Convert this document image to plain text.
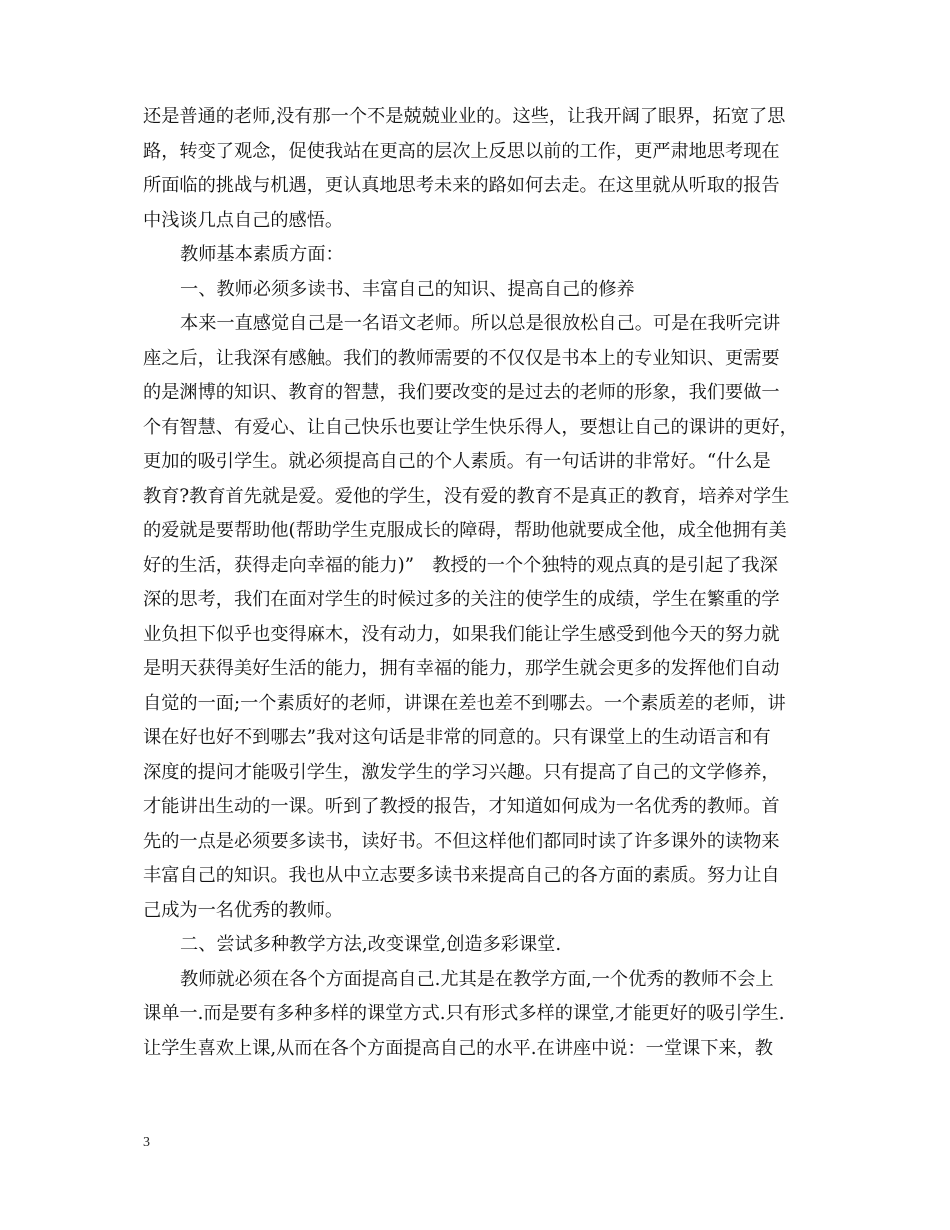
还是普通的老师,没有那一个不是兢兢业业的。这些，让我开阔了眼界，拓宽了思
路，转变了观念，促使我站在更高的层次上反思以前的工作，更严肃地思考现在
所面临的挑战与机遇，更认真地思考未来的路如何去走。在这里就从听取的报告
中浅谈几点自己的感悟。
教师基本素质方面：
一、教师必须多读书、丰富自己的知识、提高自己的修养
本来一直感觉自己是一名语文老师。所以总是很放松自己。可是在我听完讲
座之后，让我深有感触。我们的教师需要的不仅仅是书本上的专业知识、更需要
的是渊博的知识、教育的智慧，我们要改变的是过去的老师的形象，我们要做一
个有智慧、有爱心、让自己快乐也要让学生快乐得人，要想让自己的课讲的更好，
更加的吸引学生。就必须提高自己的个人素质。有一句话讲的非常好。“什么是
教育?教育首先就是爱。爱他的学生，没有爱的教育不是真正的教育，培养对学生
的爱就是要帮助他(帮助学生克服成长的障碍，帮助他就要成全他，成全他拥有美
好的生活，获得走向幸福的能力)”　教授的一个个独特的观点真的是引起了我深
深的思考，我们在面对学生的时候过多的关注的使学生的成绩，学生在繁重的学
业负担下似乎也变得麻木，没有动力，如果我们能让学生感受到他今天的努力就
是明天获得美好生活的能力，拥有幸福的能力，那学生就会更多的发挥他们自动
自觉的一面;一个素质好的老师，讲课在差也差不到哪去。一个素质差的老师，讲
课在好也好不到哪去”我对这句话是非常的同意的。只有课堂上的生动语言和有
深度的提问才能吸引学生，激发学生的学习兴趣。只有提高了自己的文学修养，
才能讲出生动的一课。听到了教授的报告，才知道如何成为一名优秀的教师。首
先的一点是必须要多读书，读好书。不但这样他们都同时读了许多课外的读物来
丰富自己的知识。我也从中立志要多读书来提高自己的各方面的素质。努力让自
己成为一名优秀的教师。
二、尝试多种教学方法,改变课堂,创造多彩课堂.
教师就必须在各个方面提高自己.尤其是在教学方面,一个优秀的教师不会上
课单一.而是要有多种多样的课堂方式.只有形式多样的课堂,才能更好的吸引学生.
让学生喜欢上课,从而在各个方面提高自己的水平.在讲座中说：一堂课下来，教
3
